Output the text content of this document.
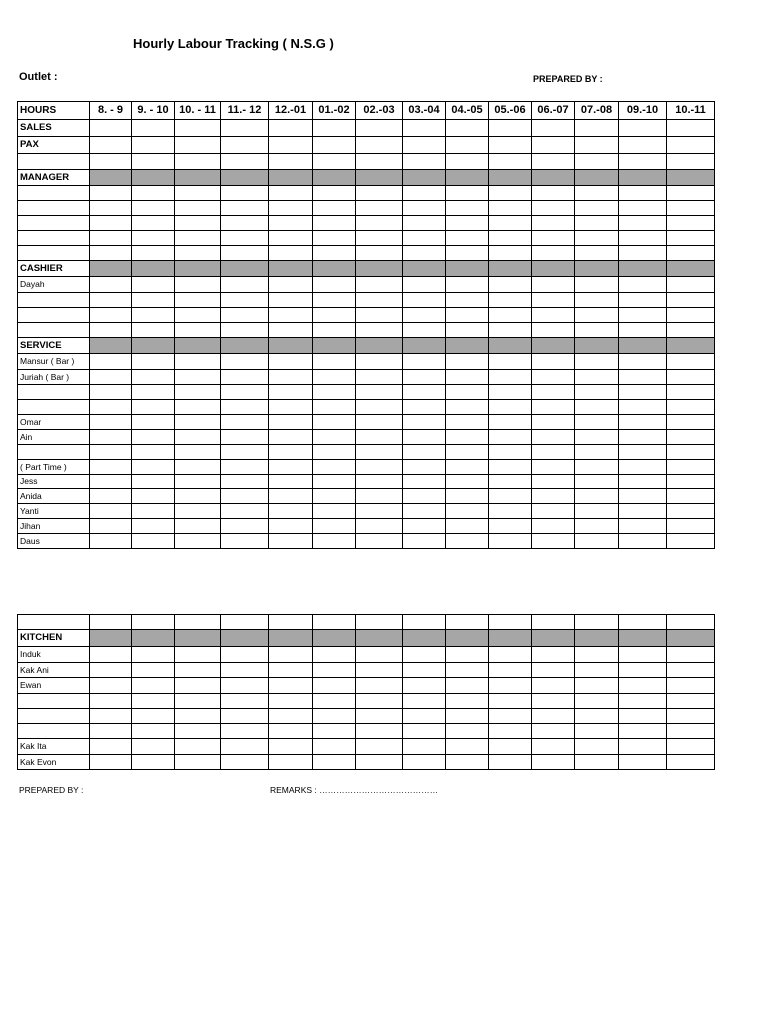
Hourly Labour Tracking ( N.S.G )
Outlet :	PREPARED BY :
HOURS	8. - 9	9. - 10	10. - 11	11.- 12	12.-01	01.-02	02.-03	03.-04	04.-05	05.-06	06.-07	07.-08	09.-10	10.-11
SALES														
PAX														

MANAGER														

CASHIER														
Dayah														

SERVICE														
Mansur ( Bar )														
Juriah ( Bar )														

Omar														
Ain														

( Part Time )														
Jess														
Anida														
Yanti														
Jihan														
Daus														

KITCHEN														
Induk														
Kak Ani														
Ewan														

Kak Ita														
Kak Evon														
PREPARED BY :	REMARKS : ……………………………………
